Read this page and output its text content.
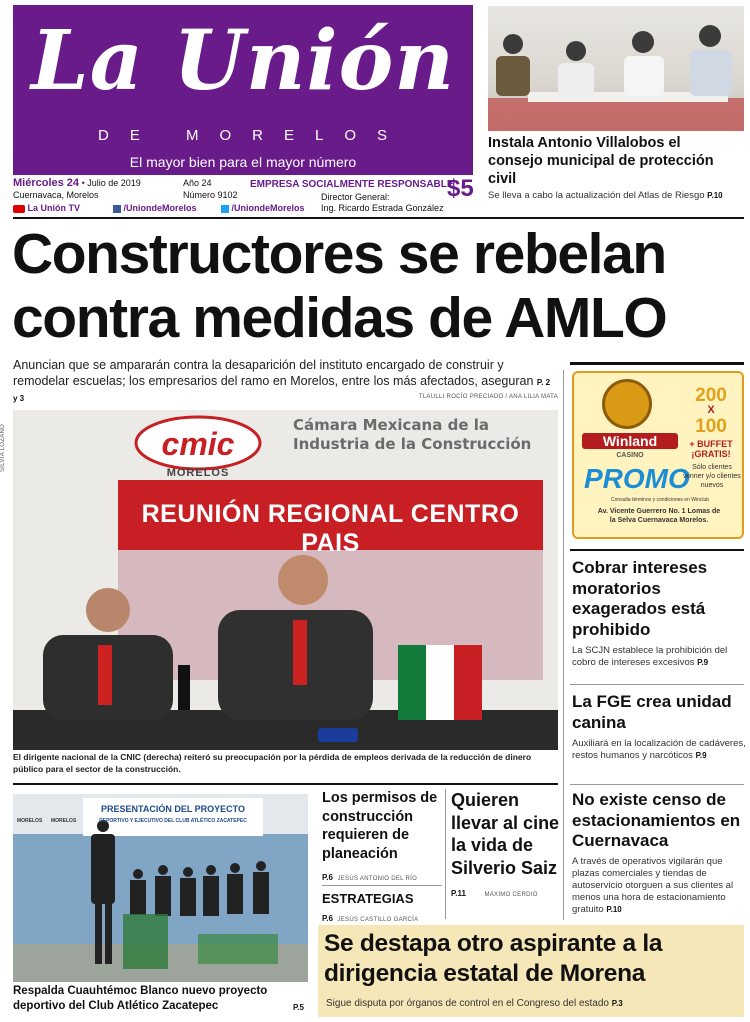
La Unión
DE MORELOS
El mayor bien para el mayor número
Miércoles 24 • Julio de 2019
Cuernavaca, Morelos
Año 24
Número 9102
EMPRESA SOCIALMENTE RESPONSABLE
Director General:
Ing. Ricardo Estrada González
$5
La Unión TV	/UniondeMorelos	/UniondeMorelos
Instala Antonio Villalobos el consejo municipal de protección civil
Se lleva a cabo la actualización del Atlas de Riesgo P.10
Constructores se rebelan
contra medidas de AMLO
Anuncian que se ampararán contra la desaparición del instituto encargado de construir y remodelar escuelas; los empresarios del ramo en Morelos, entre los más afectados, aseguran P. 2 y 3	TLAULLI ROCÍO PRECIADO / ANA LILIA MATA
SILVIA LOZANO	cmic
MORELOS
Cámara Mexicana de la Industria de la Construcción
REUNIÓN REGIONAL CENTRO PAIS
El dirigente nacional de la CNIC (derecha) reiteró su preocupación por la pérdida de empleos derivada de la reducción de dinero público para el sector de la construcción.
Winland
CASINO
PROMO
200
X
100
+ BUFFET ¡GRATIS!
Sólo clientes winner y/o clientes nuevos
Consulta términos y condiciones en Winclub
Av. Vicente Guerrero No. 1 Lomas de la Selva Cuernavaca Morelos.
Cobrar intereses moratorios exagerados está prohibido
La SCJN establece la prohibición del cobro de intereses excesivos P.9
La FGE crea unidad canina
Auxiliará en la localización de cadáveres, restos humanos y narcóticos P.9
No existe censo de estacionamientos en Cuernavaca
A través de operativos vigilarán que plazas comerciales y tiendas de autoservicio otorguen a sus clientes al menos una hora de estacionamiento gratuito P.10
MORELOS MORELOS
PRESENTACIÓN DEL PROYECTO
DEPORTIVO Y EJECUTIVO DEL CLUB ATLÉTICO ZACATEPEC
Respalda Cuauhtémoc Blanco nuevo proyecto deportivo del Club Atlético Zacatepec	P.5
Los permisos de construcción requieren de planeación
P.6 JESÚS ANTONIO DEL RÍO
ESTRATEGIAS
P.6 JESÚS CASTILLO GARCÍA
Quieren llevar al cine la vida de Silverio Saiz
P.11	MÁXIMO CERDIO
Se destapa otro aspirante a la
dirigencia estatal de Morena
Sigue disputa por órganos de control en el Congreso del estado P.3
